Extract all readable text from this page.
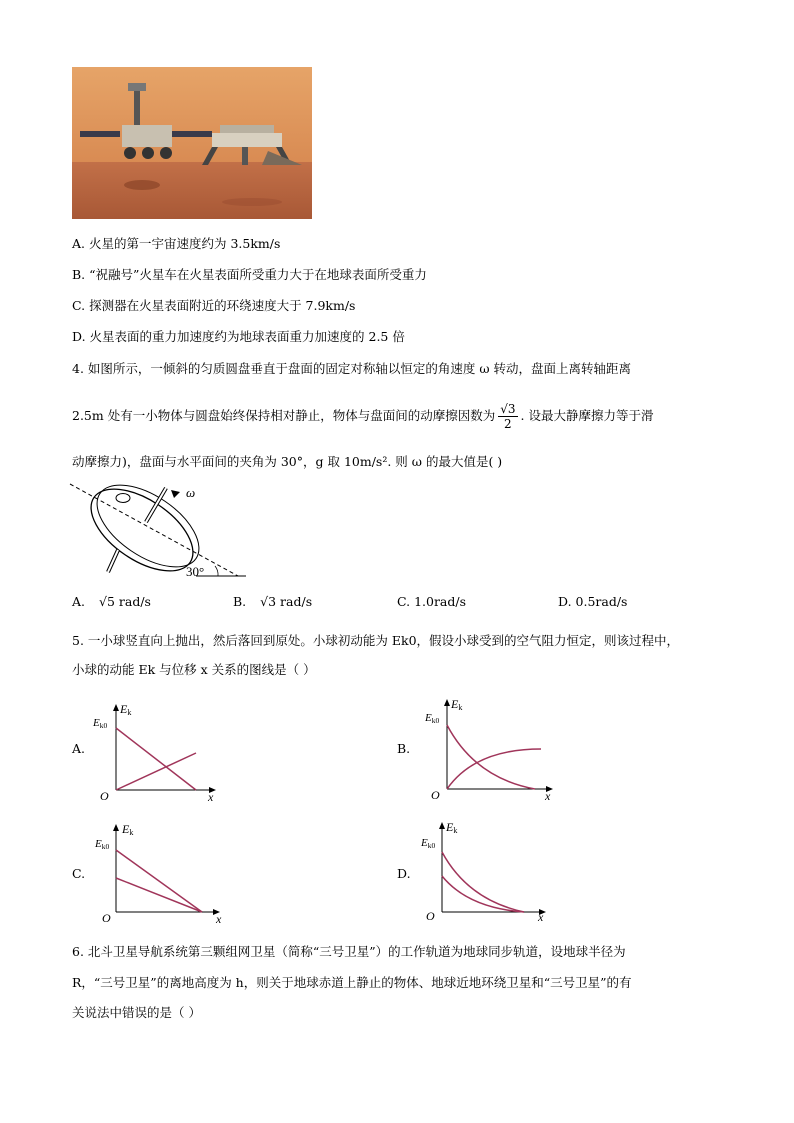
A. 火星的第一宇宙速度约为 3.5km/s
B. “祝融号”火星车在火星表面所受重力大于在地球表面所受重力
C. 探测器在火星表面附近的环绕速度大于 7.9km/s
D. 火星表面的重力加速度约为地球表面重力加速度的 2.5 倍
4. 如图所示，一倾斜的匀质圆盘垂直于盘面的固定对称轴以恒定的角速度 ω 转动，盘面上离转轴距离
2.5m 处有一小物体与圆盘始终保持相对静止，物体与盘面间的动摩擦因数为 $\frac{√3}{2}$ . 设最大静摩擦力等于滑
动摩擦力)，盘面与水平面间的夹角为 30°，g 取 10m/s². 则 ω 的最大值是( )
ω
30°
A. √5 rad/s	B. √3 rad/s	C. 1.0rad/s	D. 0.5rad/s
5. 一小球竖直向上抛出，然后落回到原处。小球初动能为 Ek0，假设小球受到的空气阻力恒定，则该过程中，
小球的动能 Ek 与位移 x 关系的图线是（ ）
A.	B.
C.	D.
Ek
Ek0
O	x
Ek
Ek0
O	x
Ek
Ek0
O	x
Ek
Ek0
O	x
6. 北斗卫星导航系统第三颗组网卫星（简称“三号卫星”）的工作轨道为地球同步轨道，设地球半径为
R，“三号卫星”的离地高度为 h，则关于地球赤道上静止的物体、地球近地环绕卫星和“三号卫星”的有
关说法中错误的是（ ）
